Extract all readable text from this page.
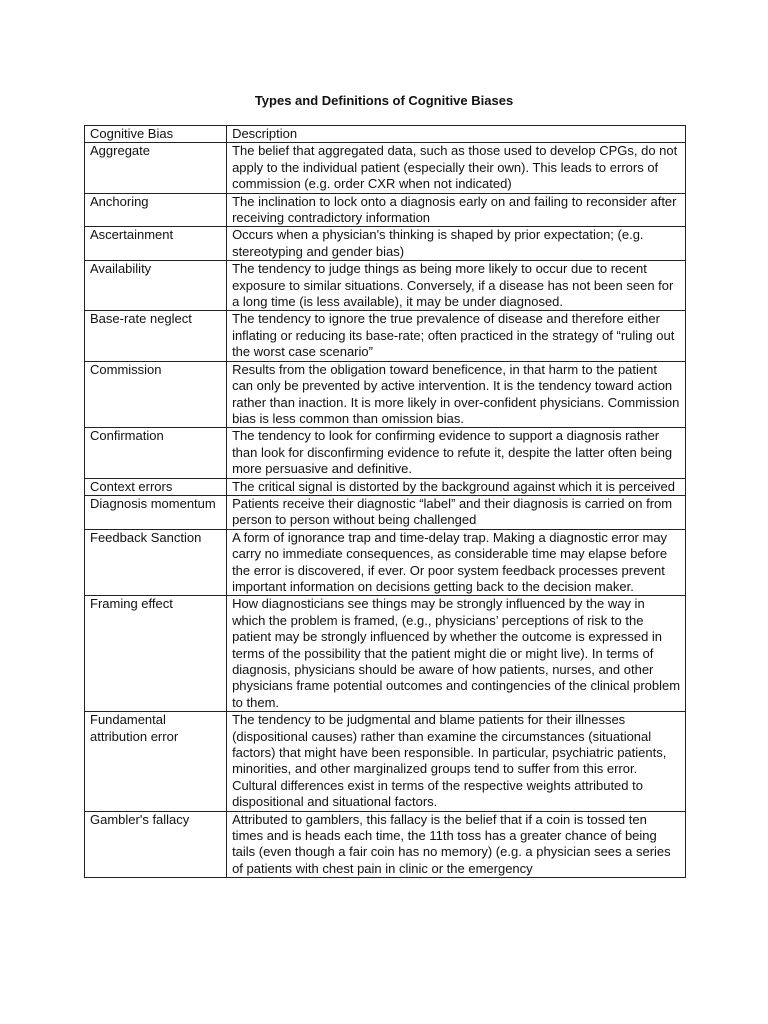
Types and Definitions of Cognitive Biases
Cognitive Bias	Description
Aggregate	The belief that aggregated data, such as those used to develop CPGs, do not apply to the individual patient (especially their own). This leads to errors of commission (e.g. order CXR when not indicated)
Anchoring	The inclination to lock onto a diagnosis early on and failing to reconsider after receiving contradictory information
Ascertainment	Occurs when a physician's thinking is shaped by prior expectation; (e.g. stereotyping and gender bias)
Availability	The tendency to judge things as being more likely to occur due to recent exposure to similar situations. Conversely, if a disease has not been seen for a long time (is less available), it may be under diagnosed.
Base-rate neglect	The tendency to ignore the true prevalence of disease and therefore either inflating or reducing its base-rate; often practiced in the strategy of “ruling out the worst case scenario”
Commission	Results from the obligation toward beneficence, in that harm to the patient can only be prevented by active intervention. It is the tendency toward action rather than inaction. It is more likely in over-confident physicians. Commission bias is less common than omission bias.
Confirmation	The tendency to look for confirming evidence to support a diagnosis rather than look for disconfirming evidence to refute it, despite the latter often being more persuasive and definitive.
Context errors	The critical signal is distorted by the background against which it is perceived
Diagnosis momentum	Patients receive their diagnostic “label” and their diagnosis is carried on from person to person without being challenged
Feedback Sanction	A form of ignorance trap and time-delay trap. Making a diagnostic error may carry no immediate consequences, as considerable time may elapse before the error is discovered, if ever. Or poor system feedback processes prevent important information on decisions getting back to the decision maker.
Framing effect	How diagnosticians see things may be strongly influenced by the way in which the problem is framed, (e.g., physicians’ perceptions of risk to the patient may be strongly influenced by whether the outcome is expressed in terms of the possibility that the patient might die or might live). In terms of diagnosis, physicians should be aware of how patients, nurses, and other physicians frame potential outcomes and contingencies of the clinical problem to them.
Fundamental attribution error	The tendency to be judgmental and blame patients for their illnesses (dispositional causes) rather than examine the circumstances (situational factors) that might have been responsible. In particular, psychiatric patients, minorities, and other marginalized groups tend to suffer from this error. Cultural differences exist in terms of the respective weights attributed to dispositional and situational factors.
Gambler's fallacy	Attributed to gamblers, this fallacy is the belief that if a coin is tossed ten times and is heads each time, the 11th toss has a greater chance of being tails (even though a fair coin has no memory) (e.g. a physician sees a series of patients with chest pain in clinic or the emergency
